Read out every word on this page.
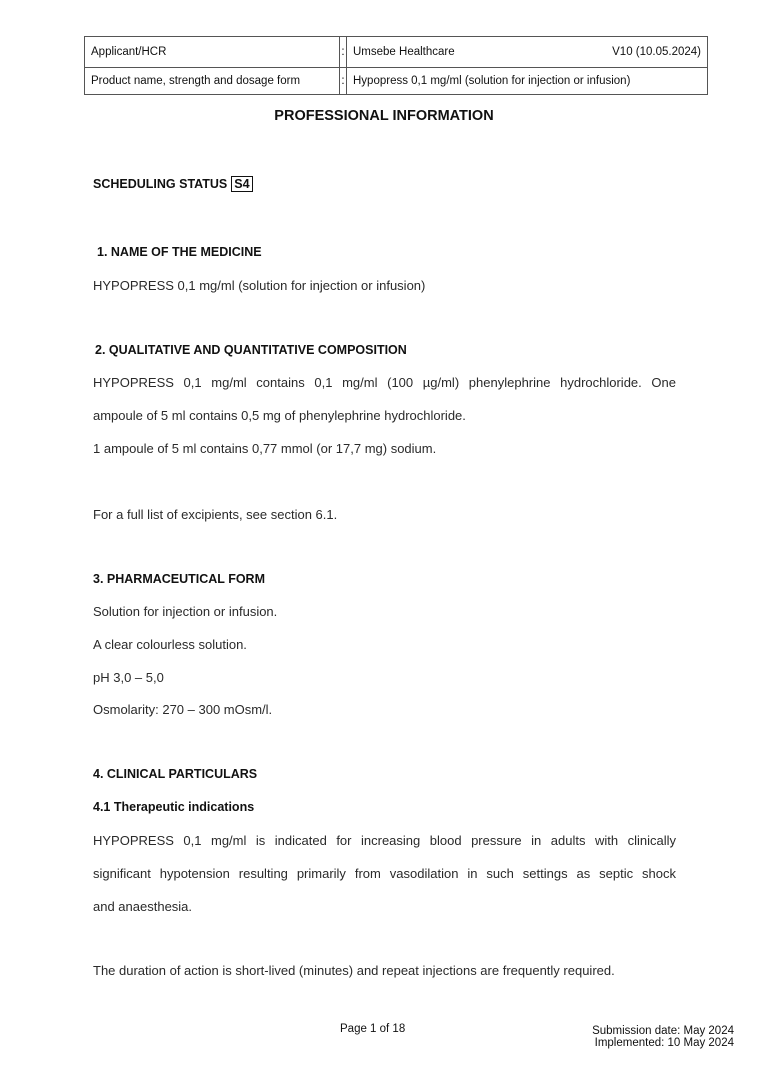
Applicant/HCR	:	Umsebe Healthcare V10 (10.05.2024)

Product name, strength and dosage form	:	Hypopress 0,1 mg/ml (solution for injection or infusion)
PROFESSIONAL INFORMATION
SCHEDULING STATUS S4
1. NAME OF THE MEDICINE
HYPOPRESS 0,1 mg/ml (solution for injection or infusion)
2. QUALITATIVE AND QUANTITATIVE COMPOSITION
HYPOPRESS 0,1 mg/ml contains 0,1 mg/ml (100 µg/ml) phenylephrine hydrochloride. One
ampoule of 5 ml contains 0,5 mg of phenylephrine hydrochloride.
1 ampoule of 5 ml contains 0,77 mmol (or 17,7 mg) sodium.
For a full list of excipients, see section 6.1.
3. PHARMACEUTICAL FORM
Solution for injection or infusion.
A clear colourless solution.
pH 3,0 – 5,0
Osmolarity: 270 – 300 mOsm/l.
4. CLINICAL PARTICULARS
4.1 Therapeutic indications
HYPOPRESS 0,1 mg/ml is indicated for increasing blood pressure in adults with clinically
significant hypotension resulting primarily from vasodilation in such settings as septic shock
and anaesthesia.
The duration of action is short-lived (minutes) and repeat injections are frequently required.
Page 1 of 18	Submission date: May 2024
Implemented: 10 May 2024
